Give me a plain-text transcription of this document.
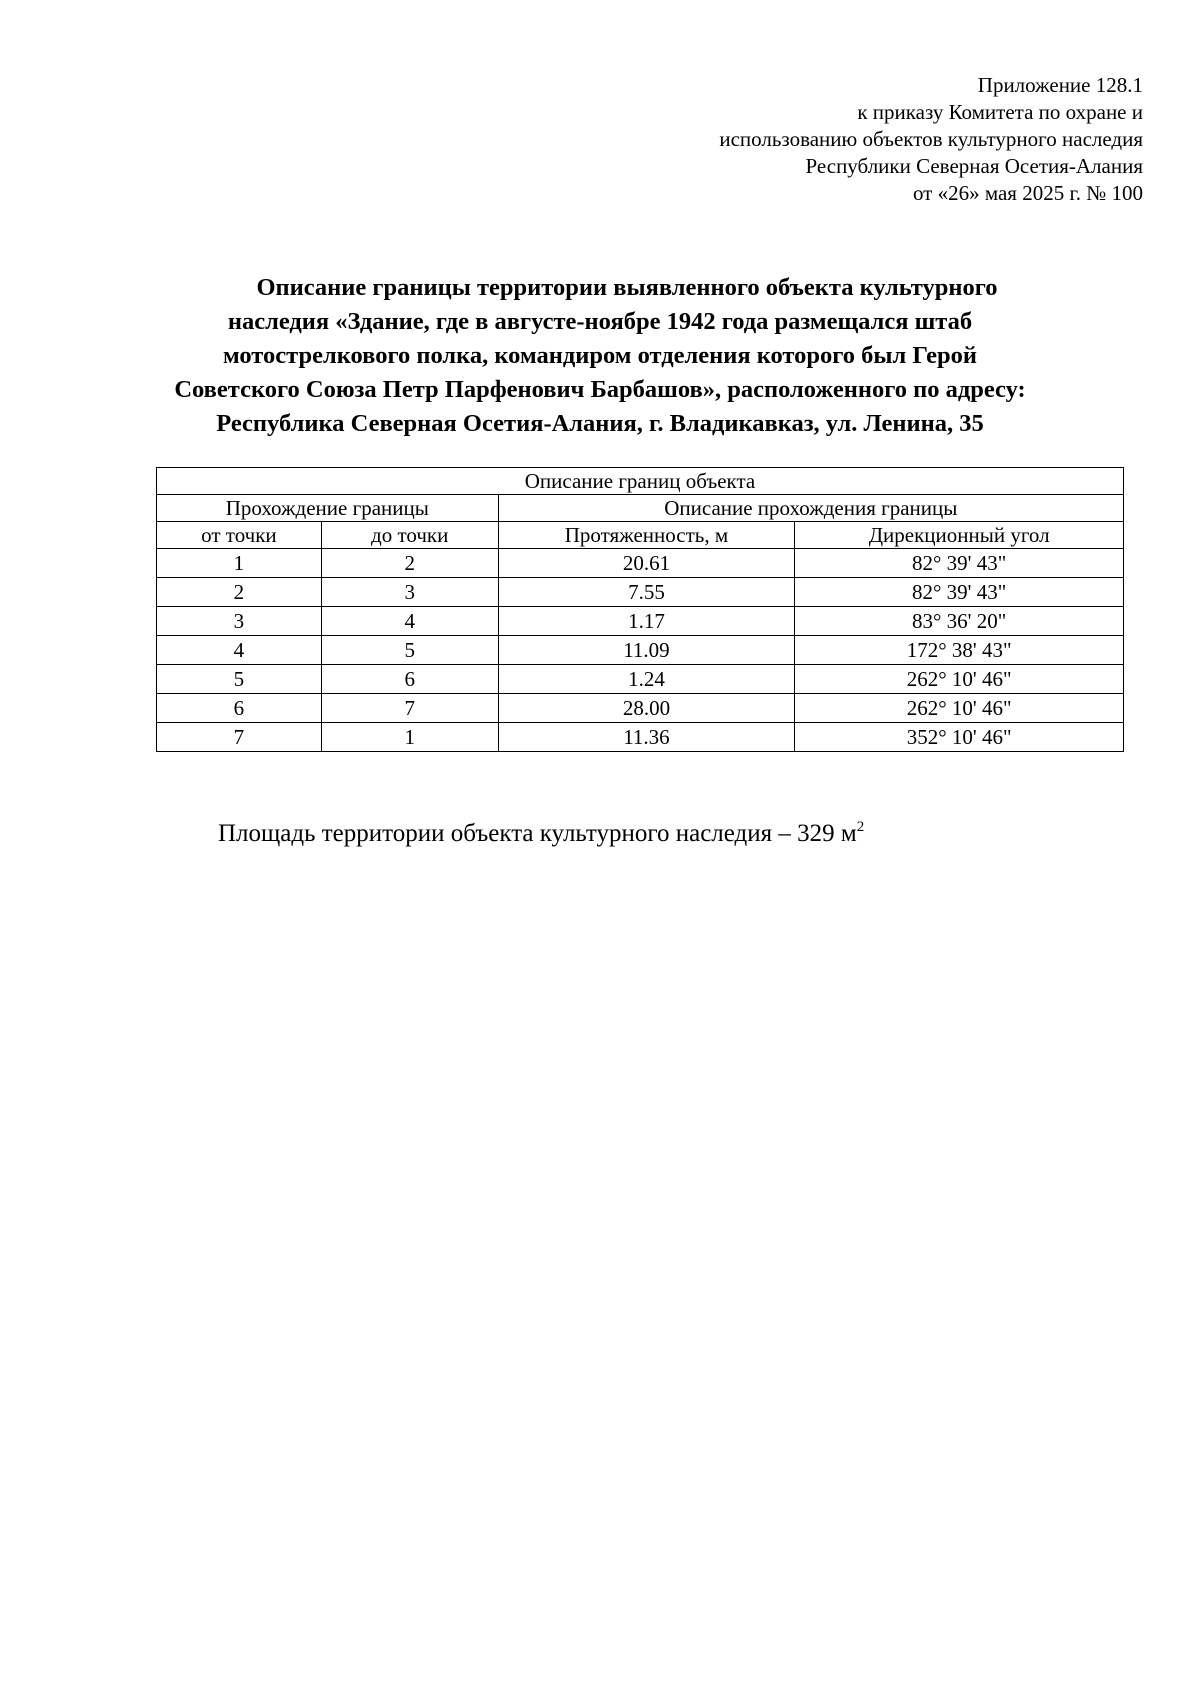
Приложение 128.1
к приказу Комитета по охране и
использованию объектов культурного наследия
Республики Северная Осетия-Алания
от «26» мая 2025 г. № 100
Описание границы территории выявленного объекта культурного
наследия «Здание, где в августе-ноябре 1942 года размещался штаб
мотострелкового полка, командиром отделения которого был Герой
Советского Союза Петр Парфенович Барбашов», расположенного по адресу:
Республика Северная Осетия-Алания, г. Владикавказ, ул. Ленина, 35
Описание границ объекта			
Прохождение границы		Описание прохождения границы	
от точки	до точки	Протяженность, м	Дирекционный угол
1	2	20.61	82° 39' 43"
2	3	7.55	82° 39' 43"
3	4	1.17	83° 36' 20"
4	5	11.09	172° 38' 43"
5	6	1.24	262° 10' 46"
6	7	28.00	262° 10' 46"
7	1	11.36	352° 10' 46"
Площадь территории объекта культурного наследия – 329 $м^2$
